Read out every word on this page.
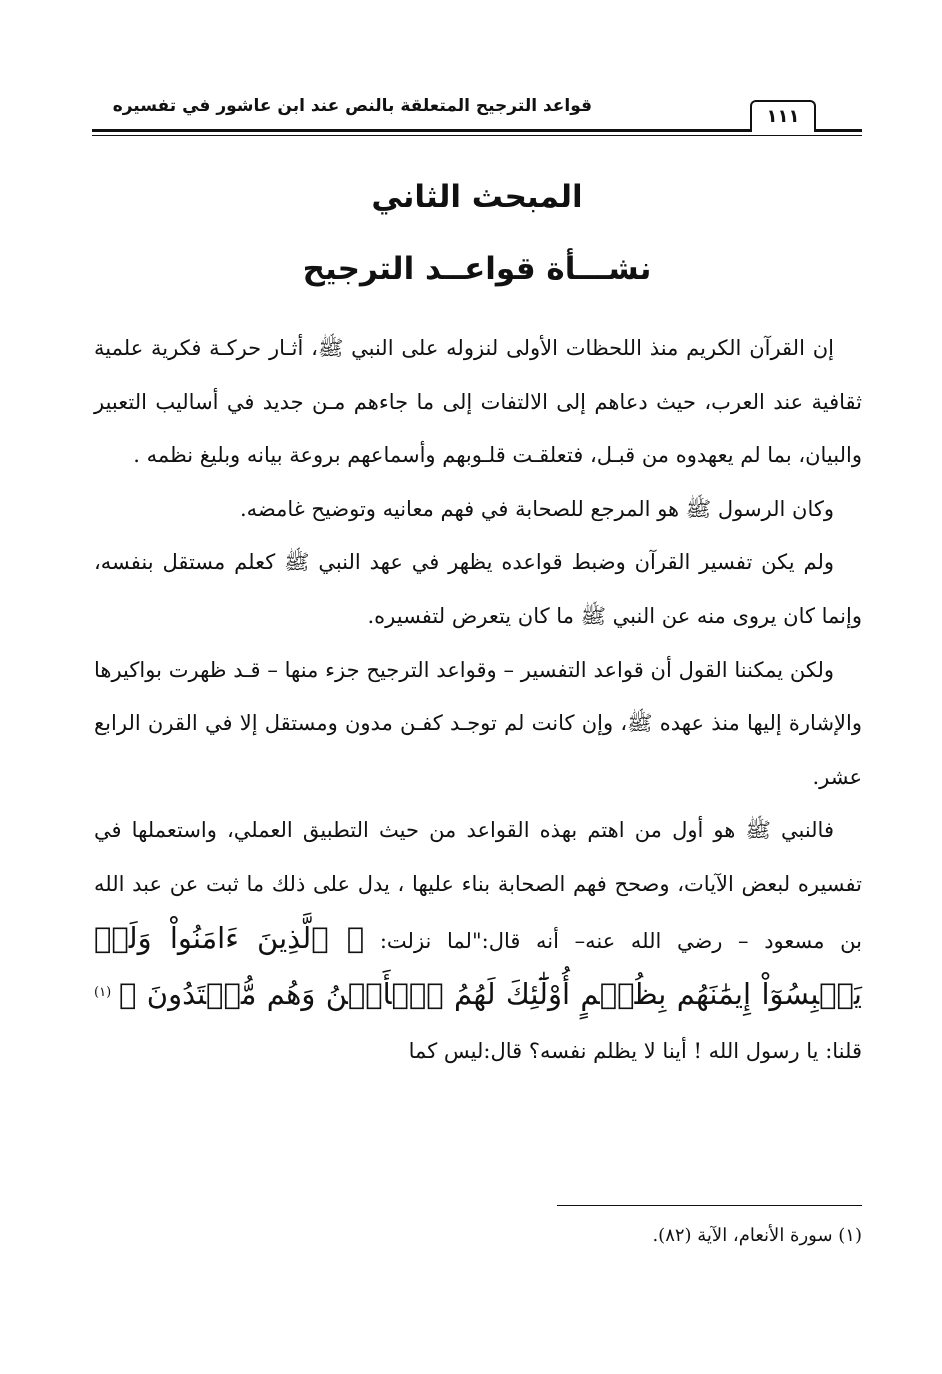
قواعد الترجيح المتعلقة بالنص عند ابن عاشور في تفسيره	١١١
المبحث الثاني
نشـــأة قواعــد الترجيح

إن القرآن الكريم منذ اللحظات الأولى لنزوله على النبي ﷺ، أثـار حركـة فكرية علمية ثقافية عند العرب، حيث دعاهم إلى الالتفات إلى ما جاءهم مـن جديد في أساليب التعبير والبيان، بما لم يعهدوه من قبـل، فتعلقـت قلـوبهم وأسماعهم بروعة بيانه وبليغ نظمه .

وكان الرسول ﷺ هو المرجع للصحابة في فهم معانيه وتوضيح غامضه.

ولم يكن تفسير القرآن وضبط قواعده يظهر في عهد النبي ﷺ كعلم مستقل بنفسه، وإنما كان يروى منه عن النبي ﷺ ما كان يتعرض لتفسيره.

ولكن يمكننا القول أن قواعد التفسير – وقواعد الترجيح جزء منها – قـد ظهرت بواكيرها والإشارة إليها منذ عهده ﷺ، وإن كانت لم توجـد كفـن مدون ومستقل إلا في القرن الرابع عشر.

فالنبي ﷺ هو أول من اهتم بهذه القواعد من حيث التطبيق العملي، واستعملها في تفسيره لبعض الآيات، وصحح فهم الصحابة بناء عليها ، يدل على ذلك ما ثبت عن عبد الله بن مسعود – رضي الله عنه– أنه قال:"لما نزلت: ﴿ ٱلَّذِينَ ءَامَنُواْ وَلَمۡ يَلۡبِسُوٓاْ إِيمَٰنَهُم بِظُلۡمٍ أُوْلَٰٓئِكَ لَهُمُ ٱلۡأَمۡنُ وَهُم مُّهۡتَدُونَ ﴾ $^{(١)}$ قلنا: يا رسول الله ! أينا لا يظلم نفسه؟ قال:ليس كما

(١) سورة الأنعام، الآية (٨٢).
